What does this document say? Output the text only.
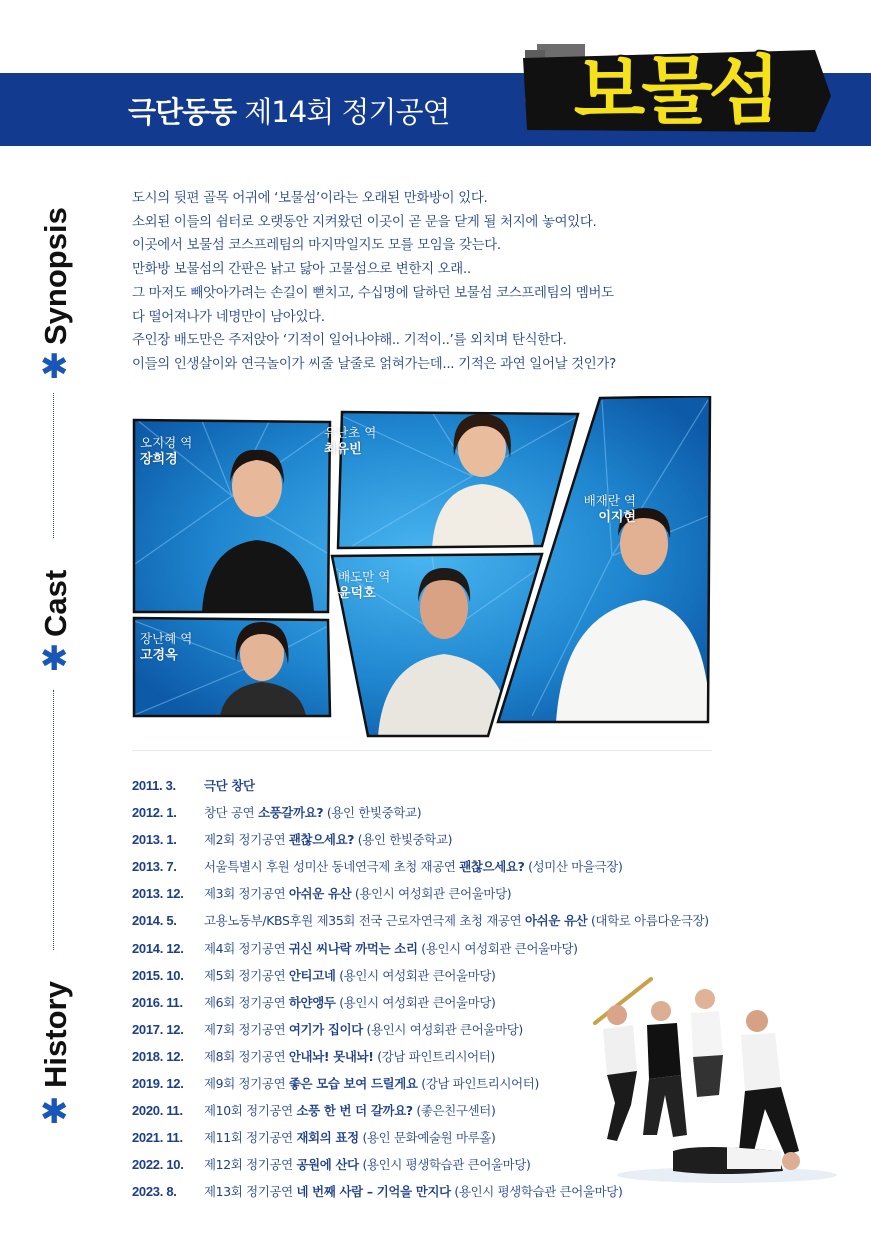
극단동동 제14회 정기공연 보물섬
Synopsis
✱
Cast
✱
History
✱

도시의 뒷편 골목 어귀에 ‘보물섬’이라는 오래된 만화방이 있다.

소외된 이들의 쉼터로 오랫동안 지켜왔던 이곳이 곧 문을 닫게 될 처지에 놓여있다.

이곳에서 보물섬 코스프레팀의 마지막일지도 모를 모임을 갖는다.

만화방 보물섬의 간판은 낡고 닳아 고물섬으로 변한지 오래..

그 마저도 빼앗아가려는 손길이 뻗치고, 수십명에 달하던 보물섬 코스프레팀의 멤버도

다 떨어져나가 네명만이 남아있다.

주인장 배도만은 주저앉아 ‘기적이 일어나야해.. 기적이..’를 외치며 탄식한다.

이들의 인생살이와 연극놀이가 씨줄 날줄로 얽혀가는데... 기적은 과연 일어날 것인가?

오지경 역
장희경
유난초 역
최유빈
배재란 역
이지현
배도만 역
윤덕호
장난혜 역
고경옥
2011. 3. 극단 창단
2012. 1. 창단 공연 소풍갈까요? (용인 한빛중학교)
2013. 1. 제2회 정기공연 괜찮으세요? (용인 한빛중학교)
2013. 7. 서울특별시 후원 성미산 동네연극제 초청 재공연 괜찮으세요? (성미산 마을극장)
2013. 12. 제3회 정기공연 아쉬운 유산 (용인시 여성회관 큰어울마당)
2014. 5. 고용노동부/KBS후원 제35회 전국 근로자연극제 초청 재공연 아쉬운 유산 (대학로 아름다운극장)
2014. 12. 제4회 정기공연 귀신 씨나락 까먹는 소리 (용인시 여성회관 큰어울마당)
2015. 10. 제5회 정기공연 안티고네 (용인시 여성회관 큰어울마당)
2016. 11. 제6회 정기공연 하얀앵두 (용인시 여성회관 큰어울마당)
2017. 12. 제7회 정기공연 여기가 집이다 (용인시 여성회관 큰어울마당)
2018. 12. 제8회 정기공연 안내놔! 못내놔! (강남 파인트리시어터)
2019. 12. 제9회 정기공연 좋은 모습 보여 드릴게요 (강남 파인트리시어터)
2020. 11. 제10회 정기공연 소풍 한 번 더 갈까요? (좋은친구센터)
2021. 11. 제11회 정기공연 재회의 표정 (용인 문화예술원 마루홀)
2022. 10. 제12회 정기공연 공원에 산다 (용인시 평생학습관 큰어울마당)
2023. 8. 제13회 정기공연 네 번째 사람 – 기억을 만지다 (용인시 평생학습관 큰어울마당)
